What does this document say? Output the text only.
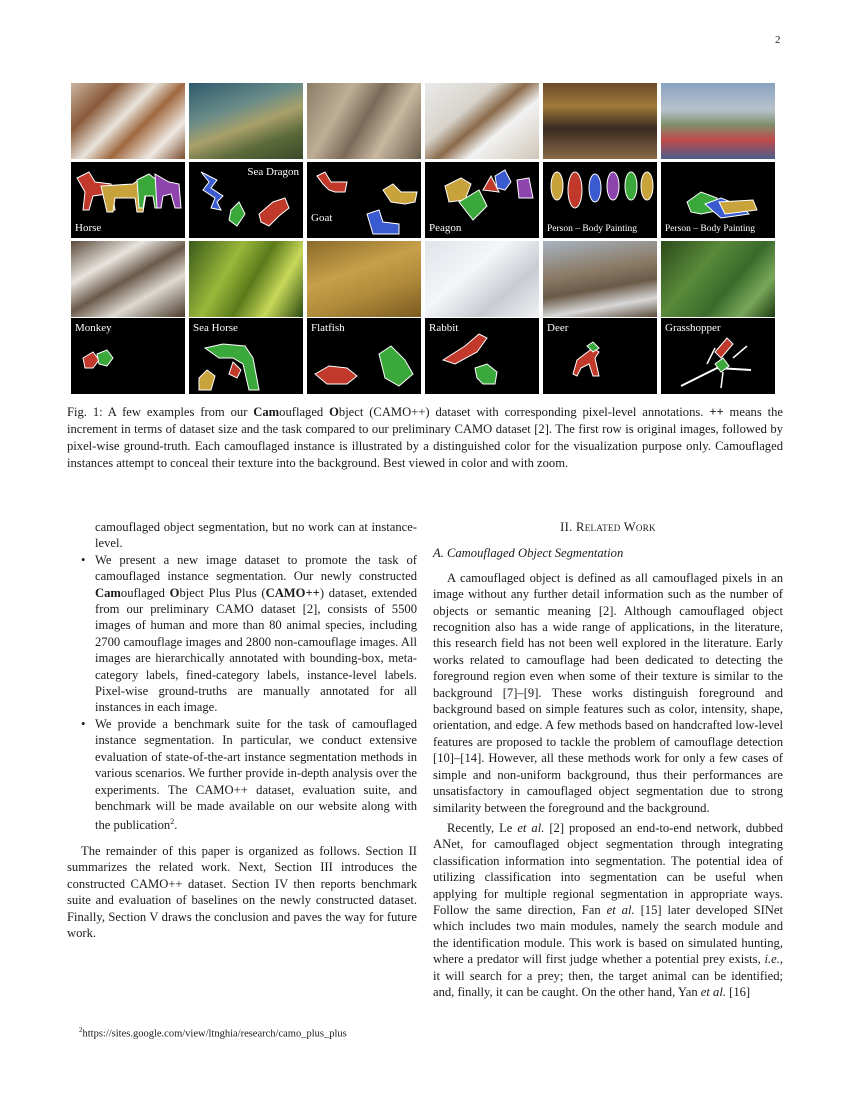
2
Horse
Sea Dragon
Goat
Peagon	Person – Body Painting	Person – Body Painting
Monkey	Sea Horse	Flatfish	Rabbit	Deer	Grasshopper
Fig. 1: A few examples from our Camouflaged Object (CAMO++) dataset with corresponding pixel-level annotations. ++ means the increment in terms of dataset size and the task compared to our preliminary CAMO dataset [2]. The first row is original images, followed by pixel-wise ground-truth. Each camouflaged instance is illustrated by a distinguished color for the visualization purpose only. Camouflaged instances attempt to conceal their texture into the background. Best viewed in color and with zoom.
camouflaged object segmentation, but no work can at instance-level.
• We present a new image dataset to promote the task of camouflaged instance segmentation. Our newly constructed Camouflaged Object Plus Plus (CAMO++) dataset, extended from our preliminary CAMO dataset [2], consists of 5500 images of human and more than 80 animal species, including 2700 camouflage images and 2800 non-camouflage images. All images are hierarchically annotated with bounding-box, meta-category labels, fined-category labels, instance-level labels. Pixel-wise ground-truths are manually annotated for all instances in each image.
• We provide a benchmark suite for the task of camouflaged instance segmentation. In particular, we conduct extensive evaluation of state-of-the-art instance segmentation methods in various scenarios. We further provide in-depth analysis over the experiments. The CAMO++ dataset, evaluation suite, and benchmark will be made available on our website along with the publication$^2$.

The remainder of this paper is organized as follows. Section II summarizes the related work. Next, Section III introduces the constructed CAMO++ dataset. Section IV then reports benchmark suite and evaluation of baselines on the newly constructed dataset. Finally, Section V draws the conclusion and paves the way for future work.

$^2$https://sites.google.com/view/ltnghia/research/camo_plus_plus
II. Related Work
A. Camouflaged Object Segmentation

A camouflaged object is defined as all camouflaged pixels in an image without any further detail information such as the number of objects or semantic meaning [2]. Although camouflaged object recognition also has a wide range of applications, in the literature, this research field has not been well explored in the literature. Early works related to camouflage had been dedicated to detecting the foreground region even when some of their texture is similar to the background [7]–[9]. These works distinguish foreground and background based on simple features such as color, intensity, shape, orientation, and edge. A few methods based on handcrafted low-level features are proposed to tackle the problem of camouflage detection [10]–[14]. However, all these methods work for only a few cases of simple and non-uniform background, thus their performances are unsatisfactory in camouflaged object segmentation due to strong similarity between the foreground and the background.

Recently, Le et al. [2] proposed an end-to-end network, dubbed ANet, for camouflaged object segmentation through integrating classification information into segmentation. The potential idea of utilizing classification into segmentation can be useful when applying for multiple regional segmentation in appropriate ways. Follow the same direction, Fan et al. [15] later developed SINet which includes two main modules, namely the search module and the identification module. This work is based on simulated hunting, where a predator will first judge whether a potential prey exists, i.e., it will search for a prey; then, the target animal can be identified; and, finally, it can be caught. On the other hand, Yan et al. [16]
